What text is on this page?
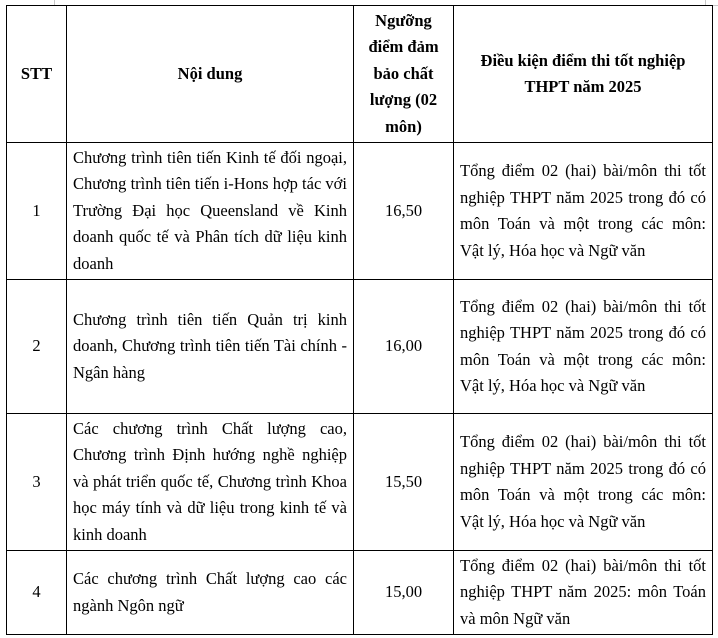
STT	Nội dung	Ngưỡng điểm đảm bảo chất lượng (02 môn)	Điều kiện điểm thi tốt nghiệp THPT năm 2025
1	Chương trình tiên tiến Kinh tế đối ngoại, Chương trình tiên tiến i-Hons hợp tác với Trường Đại học Queensland về Kinh doanh quốc tế và Phân tích dữ liệu kinh doanh	16,50	Tổng điểm 02 (hai) bài/môn thi tốt nghiệp THPT năm 2025 trong đó có môn Toán và một trong các môn: Vật lý, Hóa học và Ngữ văn
2	Chương trình tiên tiến Quản trị kinh doanh, Chương trình tiên tiến Tài chính - Ngân hàng	16,00	Tổng điểm 02 (hai) bài/môn thi tốt nghiệp THPT năm 2025 trong đó có môn Toán và một trong các môn: Vật lý, Hóa học và Ngữ văn
3	Các chương trình Chất lượng cao, Chương trình Định hướng nghề nghiệp và phát triển quốc tế, Chương trình Khoa học máy tính và dữ liệu trong kinh tế và kinh doanh	15,50	Tổng điểm 02 (hai) bài/môn thi tốt nghiệp THPT năm 2025 trong đó có môn Toán và một trong các môn: Vật lý, Hóa học và Ngữ văn
4	Các chương trình Chất lượng cao các ngành Ngôn ngữ	15,00	Tổng điểm 02 (hai) bài/môn thi tốt nghiệp THPT năm 2025: môn Toán và môn Ngữ văn
